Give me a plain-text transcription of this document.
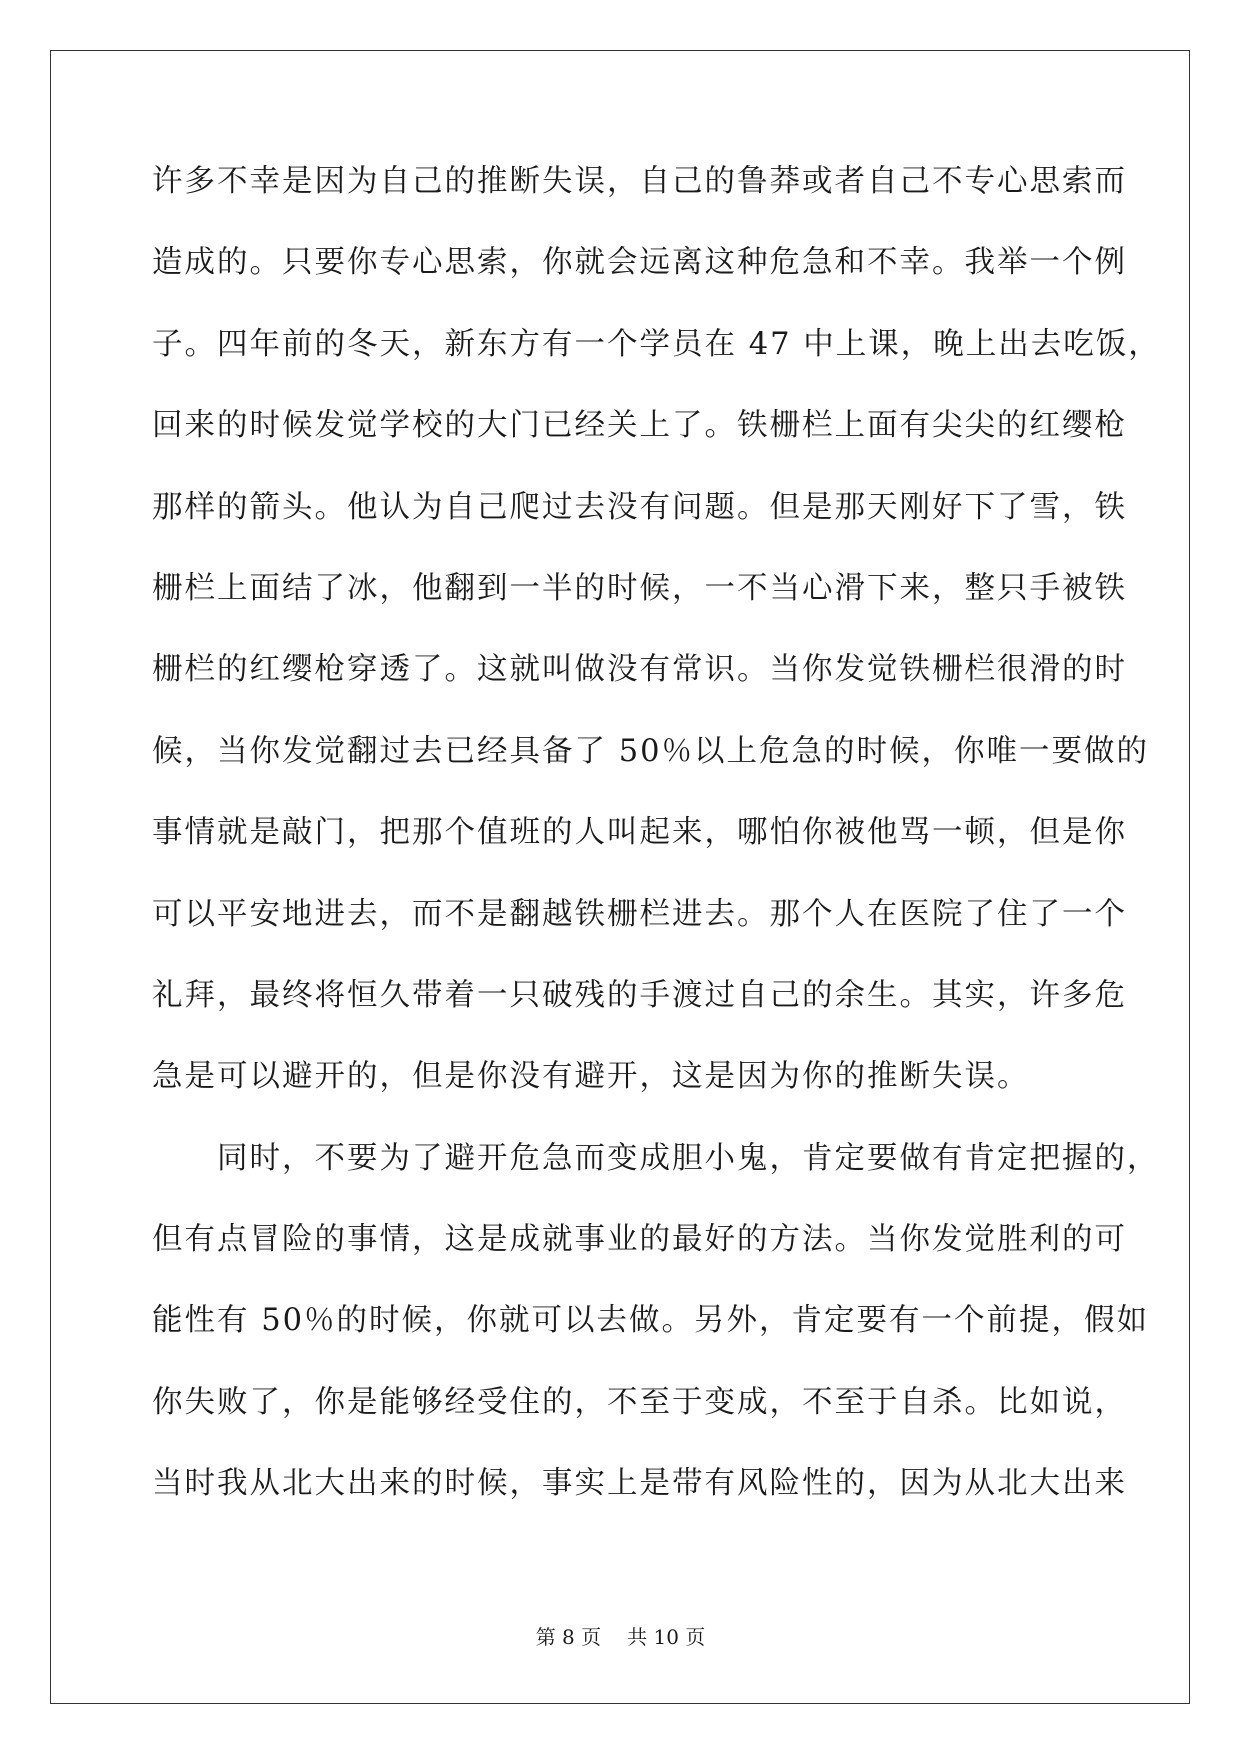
许多不幸是因为自己的推断失误，自己的鲁莽或者自己不专心思索而
造成的。只要你专心思索，你就会远离这种危急和不幸。我举一个例
子。四年前的冬天，新东方有一个学员在 47 中上课，晚上出去吃饭，
回来的时候发觉学校的大门已经关上了。铁栅栏上面有尖尖的红缨枪
那样的箭头。他认为自己爬过去没有问题。但是那天刚好下了雪，铁
栅栏上面结了冰，他翻到一半的时候，一不当心滑下来，整只手被铁
栅栏的红缨枪穿透了。这就叫做没有常识。当你发觉铁栅栏很滑的时
候，当你发觉翻过去已经具备了 50％以上危急的时候，你唯一要做的
事情就是敲门，把那个值班的人叫起来，哪怕你被他骂一顿，但是你
可以平安地进去，而不是翻越铁栅栏进去。那个人在医院了住了一个
礼拜，最终将恒久带着一只破残的手渡过自己的余生。其实，许多危
急是可以避开的，但是你没有避开，这是因为你的推断失误。
　　同时，不要为了避开危急而变成胆小鬼，肯定要做有肯定把握的，
但有点冒险的事情，这是成就事业的最好的方法。当你发觉胜利的可
能性有 50％的时候，你就可以去做。另外，肯定要有一个前提，假如
你失败了，你是能够经受住的，不至于变成，不至于自杀。比如说，
当时我从北大出来的时候，事实上是带有风险性的，因为从北大出来
第 8 页 共 10 页
